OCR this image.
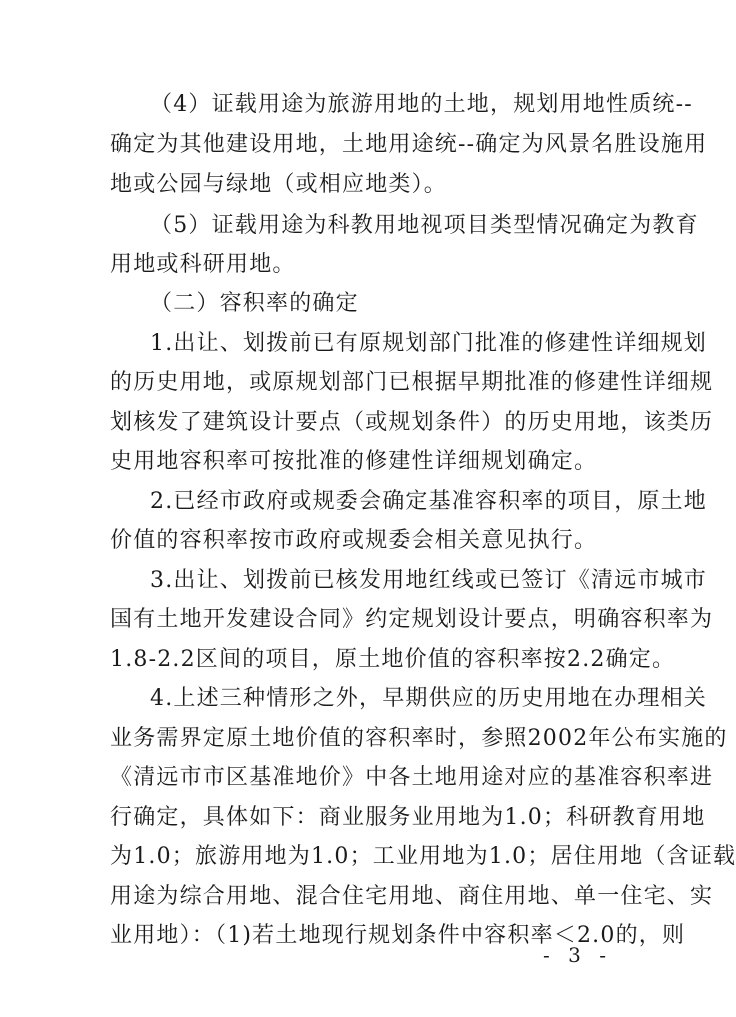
（4）证载用途为旅游用地的土地，规划用地性质统--
确定为其他建设用地，土地用途统--确定为风景名胜设施用
地或公园与绿地（或相应地类）。
（5）证载用途为科教用地视项目类型情况确定为教育
用地或科研用地。
（二）容积率的确定
1.出让、划拨前已有原规划部门批准的修建性详细规划
的历史用地，或原规划部门已根据早期批准的修建性详细规
划核发了建筑设计要点（或规划条件）的历史用地，该类历
史用地容积率可按批准的修建性详细规划确定。
2.已经市政府或规委会确定基准容积率的项目，原土地
价值的容积率按市政府或规委会相关意见执行。
3.出让、划拨前已核发用地红线或已签订《清远市城市
国有土地开发建设合同》约定规划设计要点，明确容积率为
1.8-2.2区间的项目，原土地价值的容积率按2.2确定。
4.上述三种情形之外，早期供应的历史用地在办理相关
业务需界定原土地价值的容积率时，参照2002年公布实施的
《清远市市区基准地价》中各土地用途对应的基准容积率进
行确定，具体如下：商业服务业用地为1.0；科研教育用地
为1.0；旅游用地为1.0；工业用地为1.0；居住用地（含证载
用途为综合用地、混合住宅用地、商住用地、单一住宅、实
业用地）：（1)若土地现行规划条件中容积率＜2.0的，则
- 3 -
